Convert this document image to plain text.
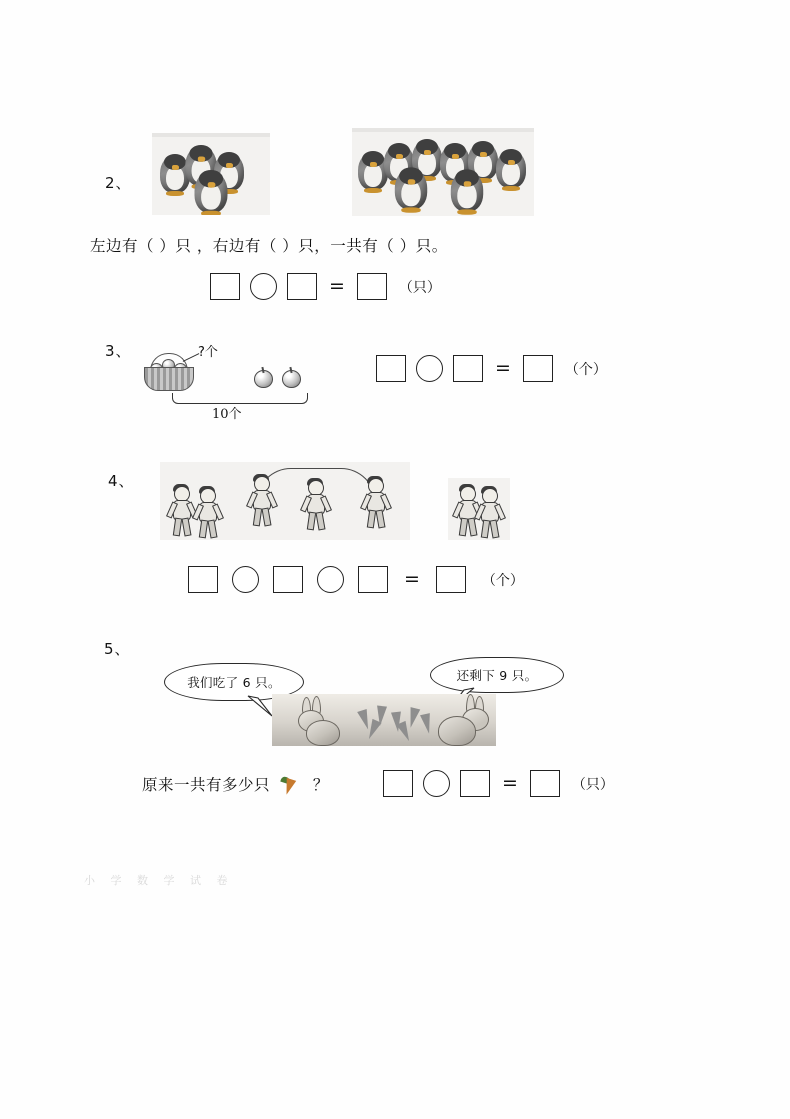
2、
左边有（ ）只 ，右边有（ ）只，一共有（ ）只。
=	（只）
3、	?个
10个
=	（个）
4、
=	（个）
5、
我们吃了 6 只。	还剩下 9 只。
原来一共有多少只	？	=	（只）
小 学 数 学 试 卷
